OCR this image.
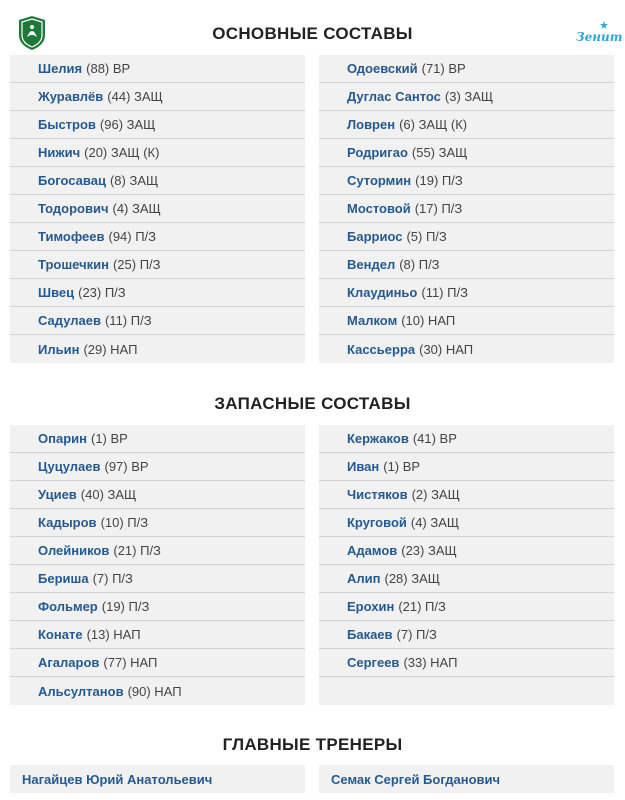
Зенит
ОСНОВНЫЕ СОСТАВЫ
ЗАПАСНЫЕ СОСТАВЫ
ГЛАВНЫЕ ТРЕНЕРЫ
Шелия (88) ВР
Журавлёв (44) ЗАЩ
Быстров (96) ЗАЩ
Нижич (20) ЗАЩ (К)
Богосавац (8) ЗАЩ
Тодорович (4) ЗАЩ
Тимофеев (94) П/З
Трошечкин (25) П/З
Швец (23) П/З
Садулаев (11) П/З
Ильин (29) НАП
Одоевский (71) ВР
Дуглас Сантос (3) ЗАЩ
Ловрен (6) ЗАЩ (К)
Родригао (55) ЗАЩ
Сутормин (19) П/З
Мостовой (17) П/З
Барриос (5) П/З
Вендел (8) П/З
Клаудиньо (11) П/З
Малком (10) НАП
Кассьерра (30) НАП
Опарин (1) ВР
Цуцулаев (97) ВР
Уциев (40) ЗАЩ
Кадыров (10) П/З
Олейников (21) П/З
Бериша (7) П/З
Фольмер (19) П/З
Конате (13) НАП
Агаларов (77) НАП
Альсултанов (90) НАП
Кержаков (41) ВР
Иван (1) ВР
Чистяков (2) ЗАЩ
Круговой (4) ЗАЩ
Адамов (23) ЗАЩ
Алип (28) ЗАЩ
Ерохин (21) П/З
Бакаев (7) П/З
Сергеев (33) НАП
Нагайцев Юрий Анатольевич	Семак Сергей Богданович
